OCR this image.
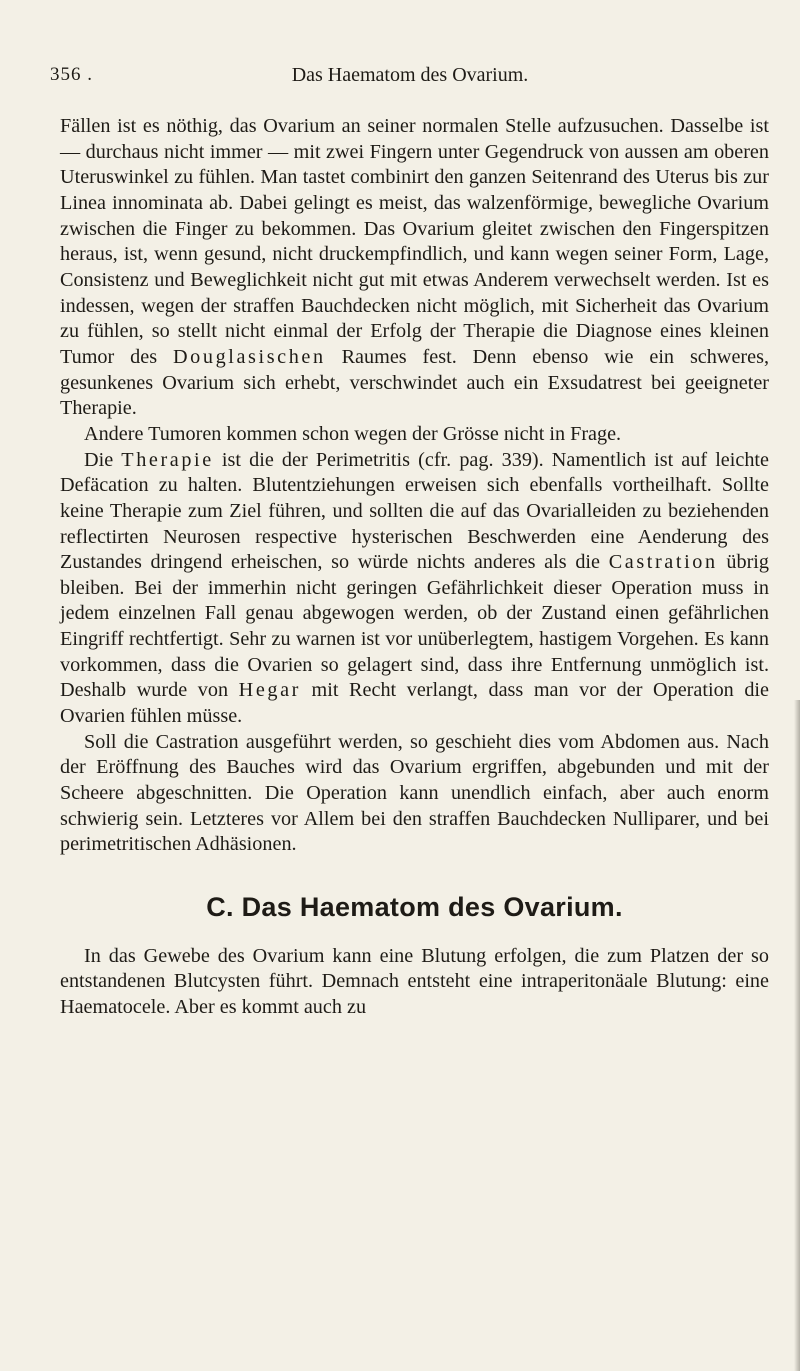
356 .	Das Haematom des Ovarium.

Fällen ist es nöthig, das Ovarium an seiner normalen Stelle aufzusuchen. Dasselbe ist — durchaus nicht immer — mit zwei Fingern unter Gegendruck von aussen am oberen Uteruswinkel zu fühlen. Man tastet combinirt den ganzen Seitenrand des Uterus bis zur Linea innominata ab. Dabei gelingt es meist, das walzenförmige, bewegliche Ovarium zwischen die Finger zu bekommen. Das Ovarium gleitet zwischen den Fingerspitzen heraus, ist, wenn gesund, nicht druckempfindlich, und kann wegen seiner Form, Lage, Consistenz und Beweglichkeit nicht gut mit etwas Anderem verwechselt werden. Ist es indessen, wegen der straffen Bauchdecken nicht möglich, mit Sicherheit das Ovarium zu fühlen, so stellt nicht einmal der Erfolg der Therapie die Diagnose eines kleinen Tumor des Douglasischen Raumes fest. Denn ebenso wie ein schweres, gesunkenes Ovarium sich erhebt, verschwindet auch ein Exsudatrest bei geeigneter Therapie.

Andere Tumoren kommen schon wegen der Grösse nicht in Frage.

Die Therapie ist die der Perimetritis (cfr. pag. 339). Namentlich ist auf leichte Defäcation zu halten. Blutentziehungen erweisen sich ebenfalls vortheilhaft. Sollte keine Therapie zum Ziel führen, und sollten die auf das Ovarialleiden zu beziehenden reflectirten Neurosen respective hysterischen Beschwerden eine Aenderung des Zustandes dringend erheischen, so würde nichts anderes als die Castration übrig bleiben. Bei der immerhin nicht geringen Gefährlichkeit dieser Operation muss in jedem einzelnen Fall genau abgewogen werden, ob der Zustand einen gefährlichen Eingriff rechtfertigt. Sehr zu warnen ist vor unüberlegtem, hastigem Vorgehen. Es kann vorkommen, dass die Ovarien so gelagert sind, dass ihre Entfernung unmöglich ist. Deshalb wurde von Hegar mit Recht verlangt, dass man vor der Operation die Ovarien fühlen müsse.

Soll die Castration ausgeführt werden, so geschieht dies vom Abdomen aus. Nach der Eröffnung des Bauches wird das Ovarium ergriffen, abgebunden und mit der Scheere abgeschnitten. Die Operation kann unendlich einfach, aber auch enorm schwierig sein. Letzteres vor Allem bei den straffen Bauchdecken Nulliparer, und bei perimetritischen Adhäsionen.

C. Das Haematom des Ovarium.

In das Gewebe des Ovarium kann eine Blutung erfolgen, die zum Platzen der so entstandenen Blutcysten führt. Demnach entsteht eine intraperitonäale Blutung: eine Haematocele. Aber es kommt auch zu
